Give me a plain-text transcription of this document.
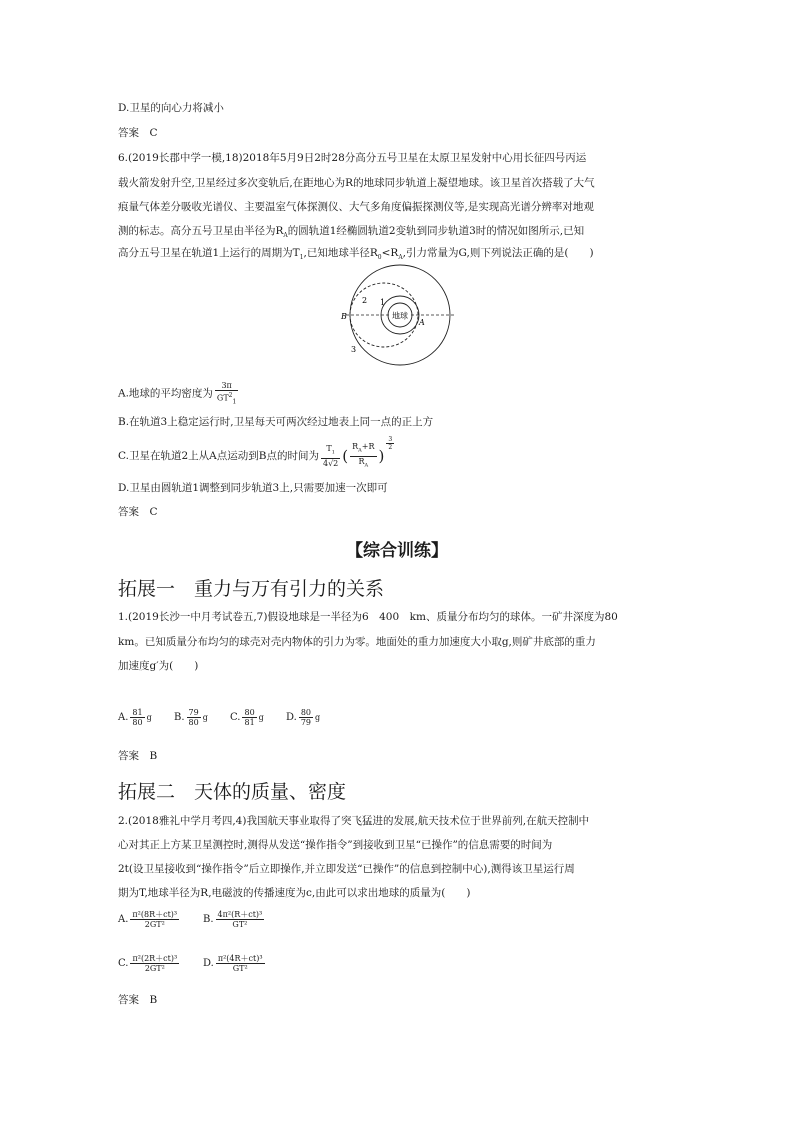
D.卫星的向心力将减小
答案　C
6.(2019长郡中学一模,18)2018年5月9日2时28分高分五号卫星在太原卫星发射中心用长征四号丙运
载火箭发射升空,卫星经过多次变轨后,在距地心为R的地球同步轨道上凝望地球。该卫星首次搭载了大气
痕量气体差分吸收光谱仪、主要温室气体探测仪、大气多角度偏振探测仪等,是实现高光谱分辨率对地观
测的标志。高分五号卫星由半径为$R_A$的圆轨道1经椭圆轨道2变轨到同步轨道3时的情况如图所示,已知
高分五号卫星在轨道1上运行的周期为$T_1$,已知地球半径$R_0<R_A$,引力常量为G,则下列说法正确的是(　　)
地球
1
2
3
A
B
A.地球的平均密度为 $\frac{3\pi}{GT^2_1}$
B.在轨道3上稳定运行时,卫星每天可两次经过地表上同一点的正上方
C.卫星在轨道2上从A点运动到B点的时间为 $\frac{T_1}{4√2}$ ( $\frac{R_A+R}{R_A}$ )
$\frac{3}{2}$
D.卫星由圆轨道1调整到同步轨道3上,只需要加速一次即可
答案　C
【综合训练】
拓展一　重力与万有引力的关系
1.(2019长沙一中月考试卷五,7)假设地球是一半径为6　400　km、质量分布均匀的球体。一矿井深度为80
km。已知质量分布均匀的球壳对壳内物体的引力为零。地面处的重力加速度大小取g,则矿井底部的重力
加速度g′为(　　)
A. $\frac{81}{80}$ g B. $\frac{79}{80}$ g C. $\frac{80}{81}$ g D. $\frac{80}{79}$ g
答案　B
拓展二　天体的质量、密度
2.(2018雅礼中学月考四,4)我国航天事业取得了突飞猛进的发展,航天技术位于世界前列,在航天控制中
心对其正上方某卫星测控时,测得从发送“操作指令”到接收到卫星“已操作”的信息需要的时间为
2t(设卫星接收到“操作指令”后立即操作,并立即发送“已操作”的信息到控制中心),测得该卫星运行周
期为T,地球半径为R,电磁波的传播速度为c,由此可以求出地球的质量为(　　)
A. $\frac{\text{π²(8R＋ct)³}}{\text{2GT²}} B$. $\frac{\text{4π²(R＋ct)³}}{\text{GT²}}$
C. $\frac{\text{π²(2R＋ct)³}}{\text{2GT²}} D$. $\frac{\text{π²(4R＋ct)³}}{\text{GT²}}$
答案　B
